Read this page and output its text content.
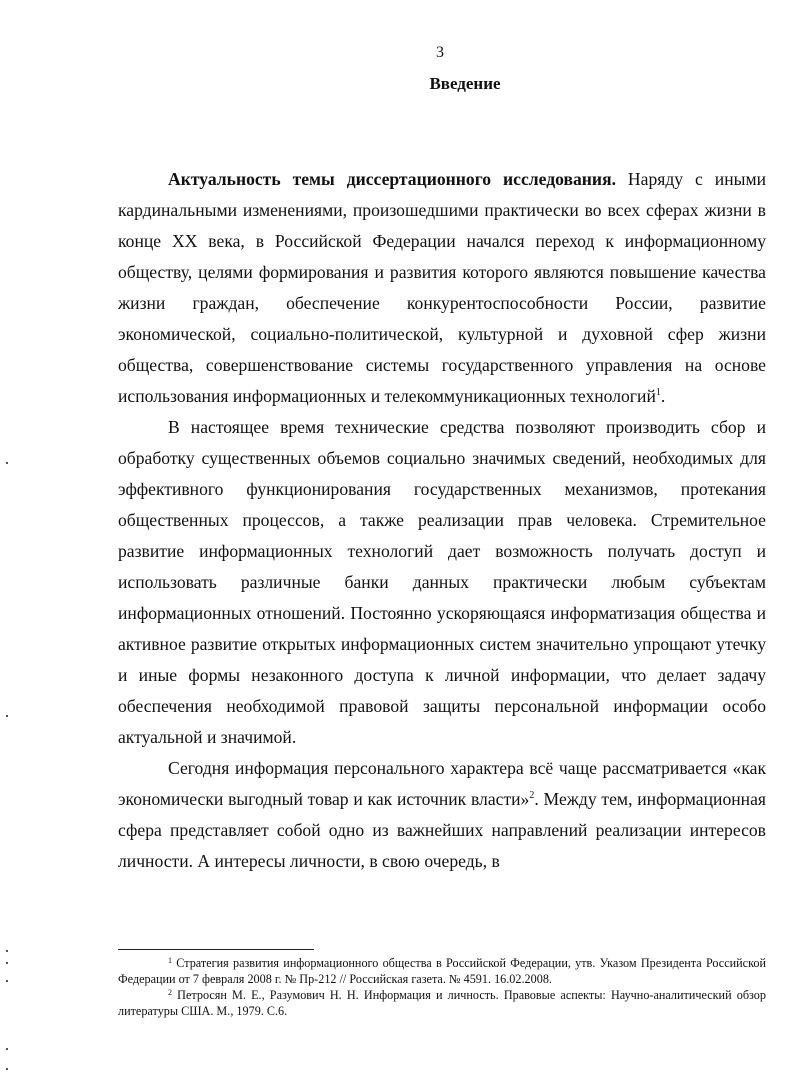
3
Введение

Актуальность темы диссертационного исследования. Наряду с иными кардинальными изменениями, произошедшими практически во всех сферах жизни в конце XX века, в Российской Федерации начался переход к информационному обществу, целями формирования и развития которого являются повышение качества жизни граждан, обеспечение конкурентоспособности России, развитие экономической, социально-политической, культурной и духовной сфер жизни общества, совершенствование системы государственного управления на основе использования информационных и телекоммуникационных технологий$^1$.

В настоящее время технические средства позволяют производить сбор и обработку существенных объемов социально значимых сведений, необходимых для эффективного функционирования государственных механизмов, протекания общественных процессов, а также реализации прав человека. Стремительное развитие информационных технологий дает возможность получать доступ и использовать различные банки данных практически любым субъектам информационных отношений. Постоянно ускоряющаяся информатизация общества и активное развитие открытых информационных систем значительно упрощают утечку и иные формы незаконного доступа к личной информации, что делает задачу обеспечения необходимой правовой защиты персональной информации особо актуальной и значимой.

Сегодня информация персонального характера всё чаще рассматривается «как экономически выгодный товар и как источник власти»$^2$. Между тем, информационная сфера представляет собой одно из важнейших направлений реализации интересов личности. А интересы личности, в свою очередь, в

$^1$ Стратегия развития информационного общества в Российской Федерации, утв. Указом Президента Российской Федерации от 7 февраля 2008 г. № Пр-212 // Российская газета. № 4591. 16.02.2008.

$^2$ Петросян М. Е., Разумович Н. Н. Информация и личность. Правовые аспекты: Научно-аналитический обзор литературы США. М., 1979. С.6.
